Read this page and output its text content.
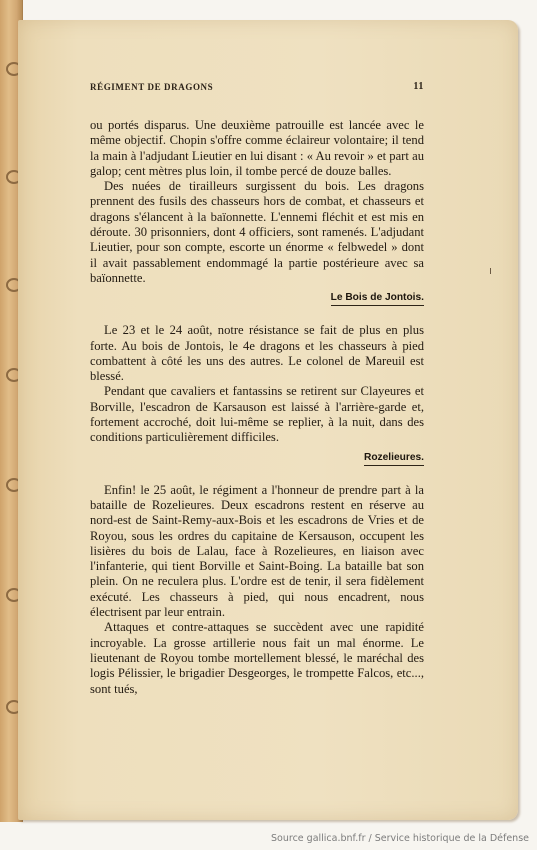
RÉGIMENT DE DRAGONS	11

ou portés disparus. Une deuxième patrouille est lancée avec le même objectif. Chopin s'offre comme éclaireur volontaire; il tend la main à l'adjudant Lieutier en lui disant : « Au revoir » et part au galop; cent mètres plus loin, il tombe percé de douze balles.

Des nuées de tirailleurs surgissent du bois. Les dragons prennent des fusils des chasseurs hors de combat, et chasseurs et dragons s'élancent à la baïonnette. L'ennemi fléchit et est mis en déroute. 30 prisonniers, dont 4 officiers, sont ramenés. L'adjudant Lieutier, pour son compte, escorte un énorme « felbwedel » dont il avait passablement endommagé la partie postérieure avec sa baïonnette.

Le Bois de Jontois.

Le 23 et le 24 août, notre résistance se fait de plus en plus forte. Au bois de Jontois, le 4e dragons et les chasseurs à pied combattent à côté les uns des autres. Le colonel de Mareuil est blessé.

Pendant que cavaliers et fantassins se retirent sur Clayeures et Borville, l'escadron de Karsauson est laissé à l'arrière-garde et, fortement accroché, doit lui-même se replier, à la nuit, dans des conditions particulièrement difficiles.

Rozelieures.

Enfin! le 25 août, le régiment a l'honneur de prendre part à la bataille de Rozelieures. Deux escadrons restent en réserve au nord-est de Saint-Remy-aux-Bois et les escadrons de Vries et de Royou, sous les ordres du capitaine de Kersauson, occupent les lisières du bois de Lalau, face à Rozelieures, en liaison avec l'infanterie, qui tient Borville et Saint-Boing. La bataille bat son plein. On ne reculera plus. L'ordre est de tenir, il sera fidèlement exécuté. Les chasseurs à pied, qui nous encadrent, nous électrisent par leur entrain.

Attaques et contre-attaques se succèdent avec une rapidité incroyable. La grosse artillerie nous fait un mal énorme. Le lieutenant de Royou tombe mortellement blessé, le maréchal des logis Pélissier, le brigadier Desgeorges, le trompette Falcos, etc..., sont tués,

Source gallica.bnf.fr / Service historique de la Défense
